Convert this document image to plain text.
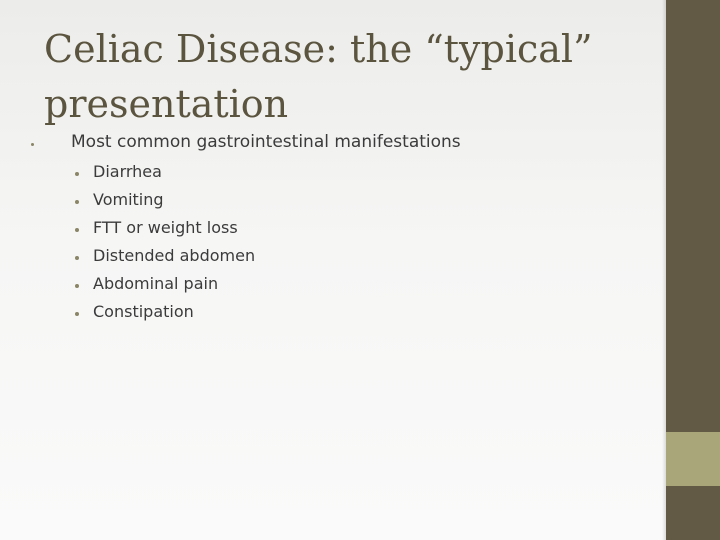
Celiac Disease: the “typical” presentation
Most common gastrointestinal manifestations
Diarrhea
Vomiting
FTT or weight loss
Distended abdomen
Abdominal pain
Constipation
